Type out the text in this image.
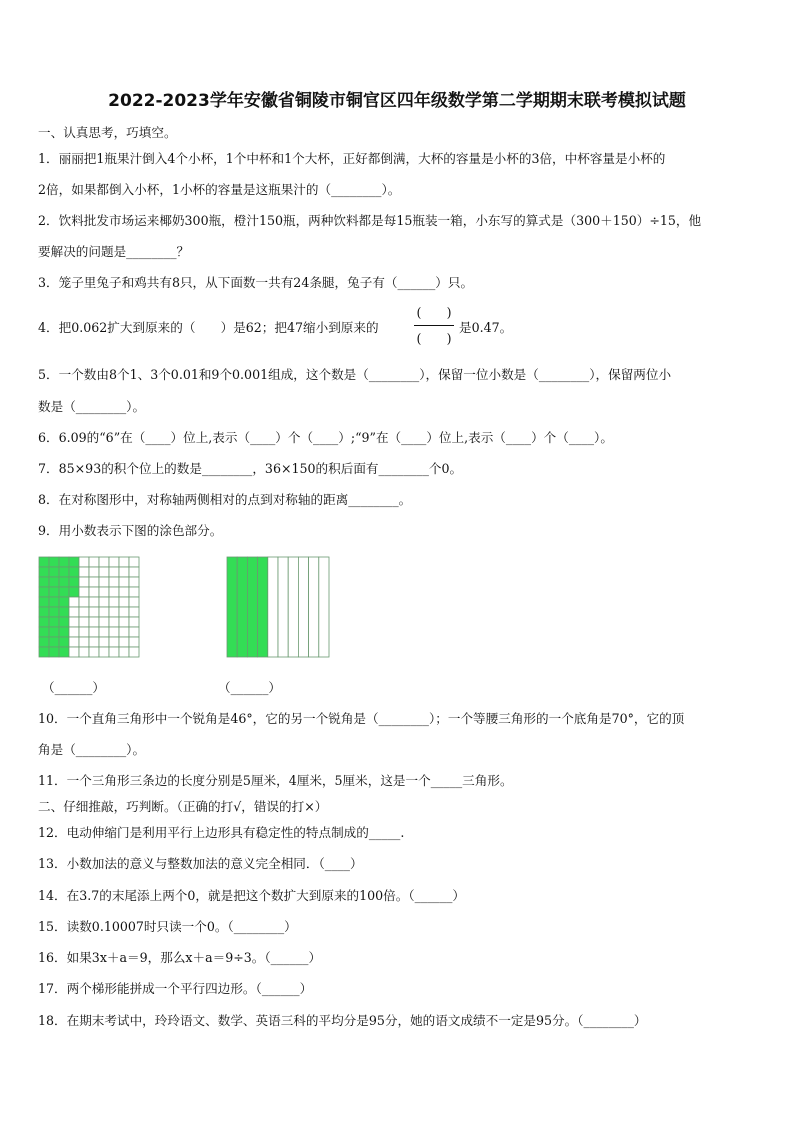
2022-2023学年安徽省铜陵市铜官区四年级数学第二学期期末联考模拟试题
一、认真思考，巧填空。
1．丽丽把1瓶果汁倒入4个小杯，1个中杯和1个大杯，正好都倒满，大杯的容量是小杯的3倍，中杯容量是小杯的
2倍，如果都倒入小杯，1小杯的容量是这瓶果汁的（________）。
2．饮料批发市场运来椰奶300瓶，橙汁150瓶，两种饮料都是每15瓶装一箱，小东写的算式是（300＋150）÷15，他
要解决的问题是________？
3．笼子里兔子和鸡共有8只，从下面数一共有24条腿，兔子有（______）只。
4．把0.062扩大到原来的（　　）是62；把47缩小到原来的
(　　)
(　　)
是0.47。
5．一个数由8个1、3个0.01和9个0.001组成，这个数是（________），保留一位小数是（________），保留两位小
数是（________）。
6．6.09的“6”在（____）位上,表示（____）个（____）;“9”在（____）位上,表示（____）个（____）。
7．85×93的积个位上的数是________，36×150的积后面有________个0。
8．在对称图形中，对称轴两侧相对的点到对称轴的距离________。
9．用小数表示下图的涂色部分。
（______）	（______）
10．一个直角三角形中一个锐角是46°，它的另一个锐角是（________）；一个等腰三角形的一个底角是70°，它的顶
角是（________）。
11．一个三角形三条边的长度分别是5厘米，4厘米，5厘米，这是一个_____三角形。
二、仔细推敲，巧判断。（正确的打√，错误的打×）
12．电动伸缩门是利用平行上边形具有稳定性的特点制成的_____.
13．小数加法的意义与整数加法的意义完全相同．（____）
14．在3.7的末尾添上两个0，就是把这个数扩大到原来的100倍。（______）
15．读数0.10007时只读一个0。（________）
16．如果3x＋a＝9，那么x＋a＝9÷3。（______）
17．两个梯形能拼成一个平行四边形。（______）
18．在期末考试中，玲玲语文、数学、英语三科的平均分是95分，她的语文成绩不一定是95分。（________）
